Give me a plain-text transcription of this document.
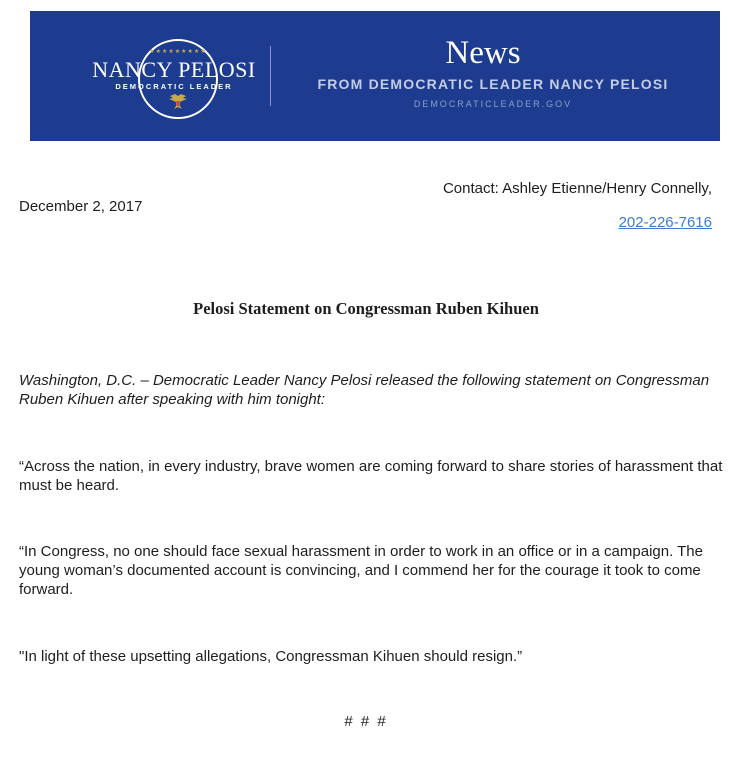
★★★★★★★★★
NANCY PELOSI
DEMOCRATIC LEADER
News
FROM DEMOCRATIC LEADER NANCY PELOSI
DEMOCRATICLEADER.GOV
Contact: Ashley Etienne/Henry Connelly,
December 2, 2017
202-226-7616
Pelosi Statement on Congressman Ruben Kihuen

Washington, D.C. – Democratic Leader Nancy Pelosi released the following statement on Congressman Ruben Kihuen after speaking with him tonight:

“Across the nation, in every industry, brave women are coming forward to share stories of harassment that must be heard.

“In Congress, no one should face sexual harassment in order to work in an office or in a campaign. The young woman’s documented account is convincing, and I commend her for the courage it took to come forward.

"In light of these upsetting allegations, Congressman Kihuen should resign.”

# # #
